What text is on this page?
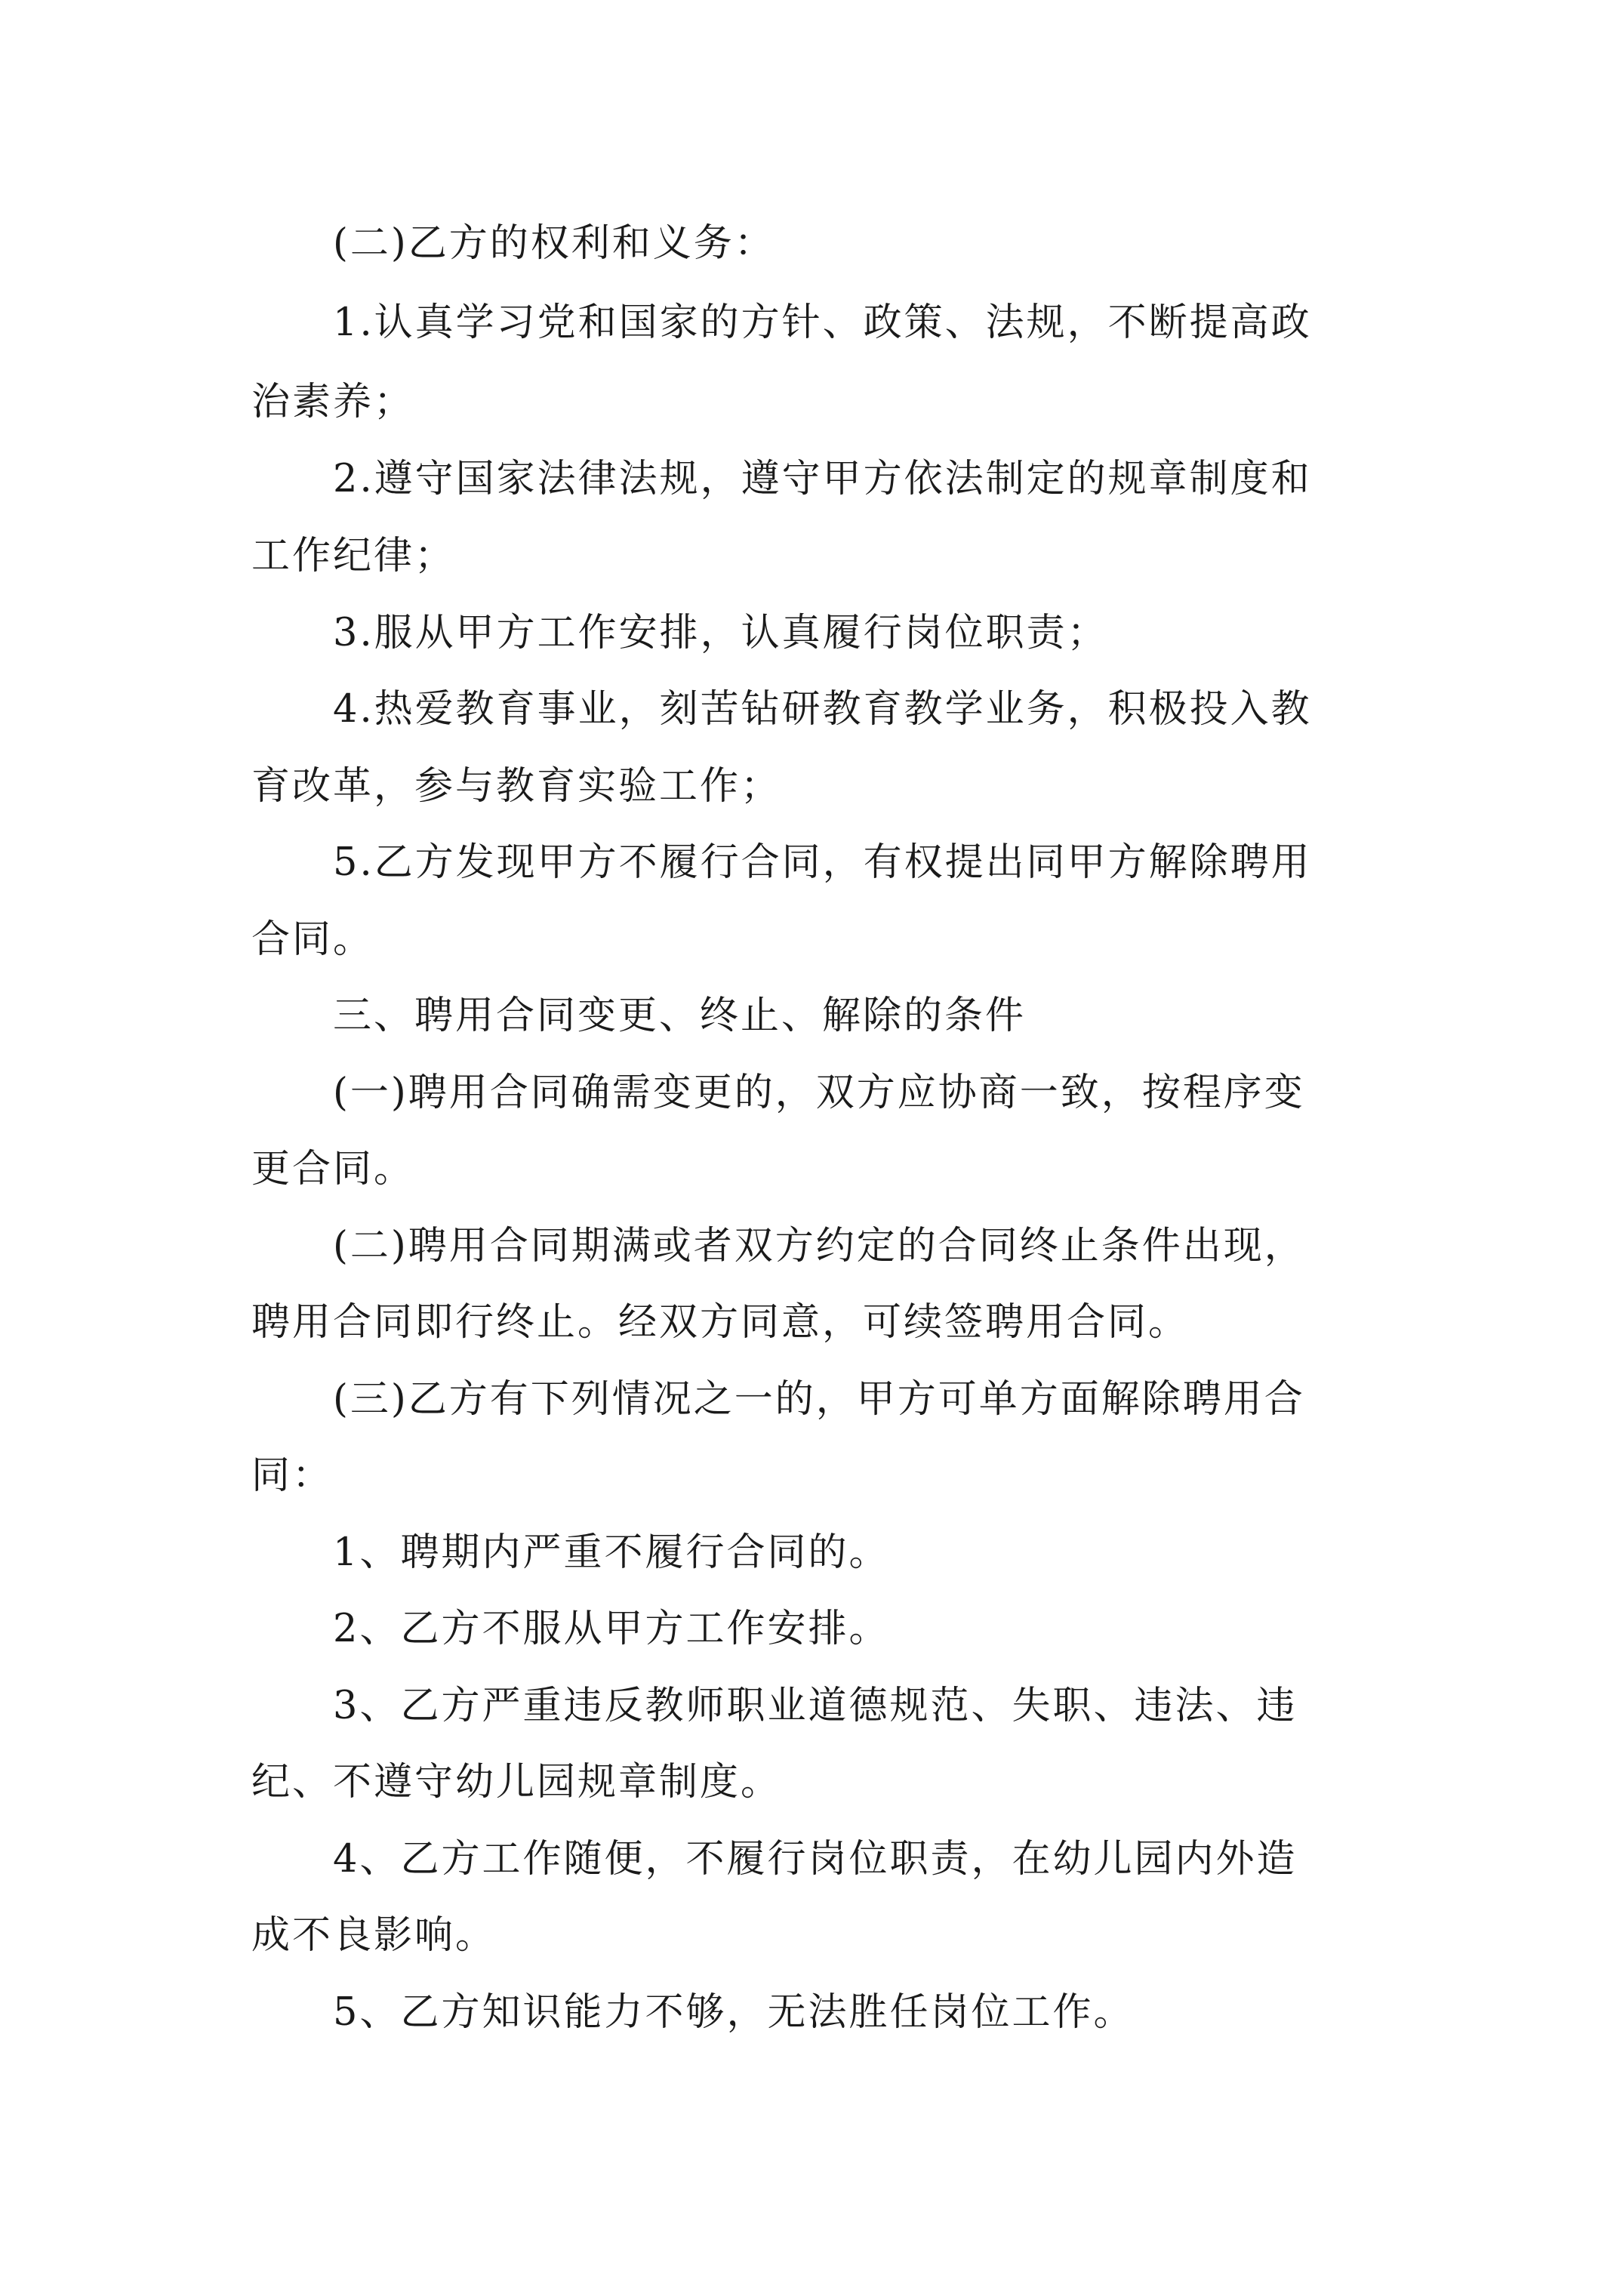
(二)乙方的权利和义务：

1.认真学习党和国家的方针、政策、法规，不断提高政

治素养；

2.遵守国家法律法规，遵守甲方依法制定的规章制度和

工作纪律；

3.服从甲方工作安排，认真履行岗位职责；

4.热爱教育事业，刻苦钻研教育教学业务，积极投入教

育改革，参与教育实验工作；

5.乙方发现甲方不履行合同，有权提出同甲方解除聘用

合同。

三、聘用合同变更、终止、解除的条件

(一)聘用合同确需变更的，双方应协商一致，按程序变

更合同。

(二)聘用合同期满或者双方约定的合同终止条件出现，

聘用合同即行终止。经双方同意，可续签聘用合同。

(三)乙方有下列情况之一的，甲方可单方面解除聘用合

同：

1、聘期内严重不履行合同的。

2、乙方不服从甲方工作安排。

3、乙方严重违反教师职业道德规范、失职、违法、违

纪、不遵守幼儿园规章制度。

4、乙方工作随便，不履行岗位职责，在幼儿园内外造

成不良影响。

5、乙方知识能力不够，无法胜任岗位工作。
